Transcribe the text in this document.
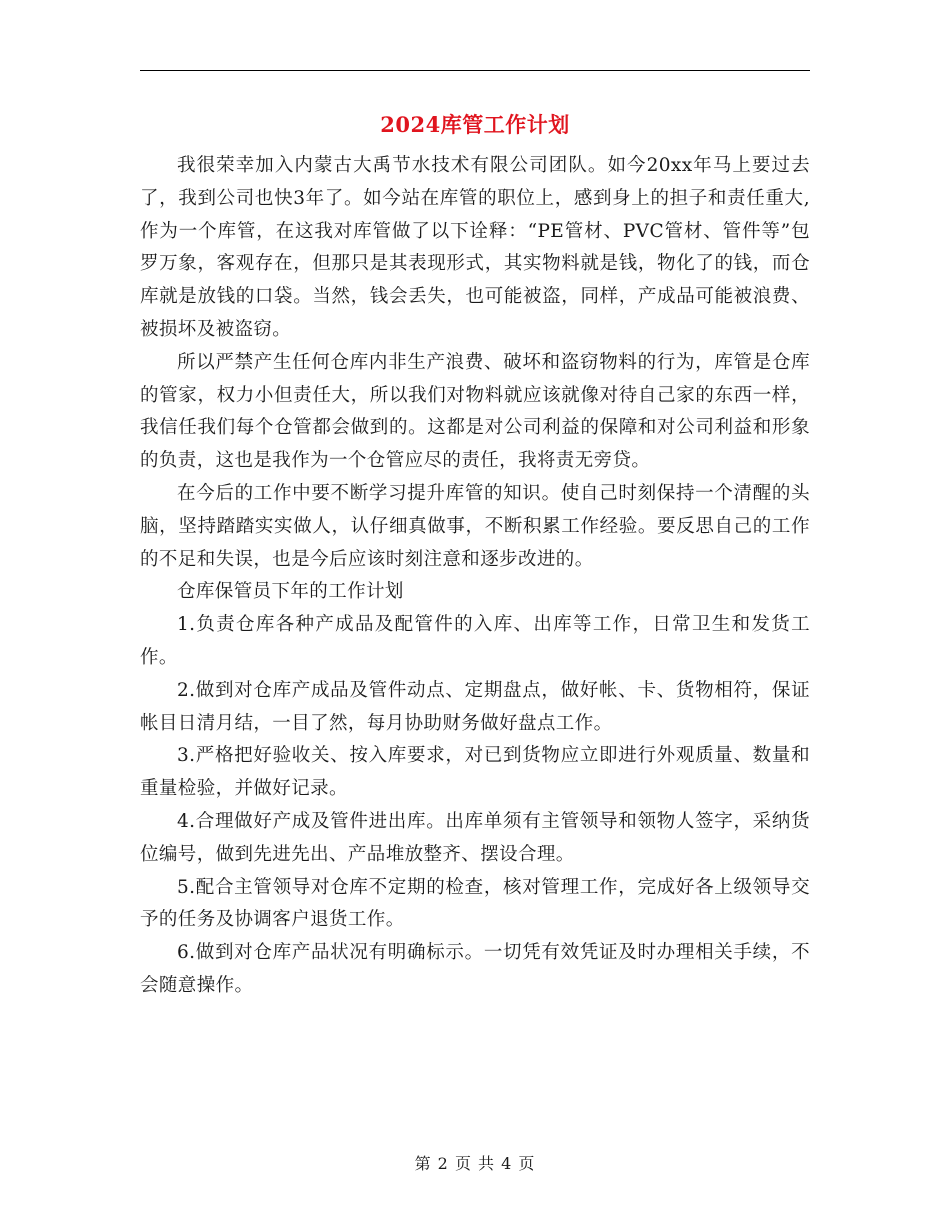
2024库管工作计划

我很荣幸加入内蒙古大禹节水技术有限公司团队。如今20xx年马上要过去了，我到公司也快3年了。如今站在库管的职位上，感到身上的担子和责任重大,作为一个库管，在这我对库管做了以下诠释：“PE管材、PVC管材、管件等”包罗万象，客观存在，但那只是其表现形式，其实物料就是钱，物化了的钱，而仓库就是放钱的口袋。当然，钱会丢失，也可能被盗，同样，产成品可能被浪费、被损坏及被盗窃。

所以严禁产生任何仓库内非生产浪费、破坏和盗窃物料的行为，库管是仓库的管家，权力小但责任大，所以我们对物料就应该就像对待自己家的东西一样，我信任我们每个仓管都会做到的。这都是对公司利益的保障和对公司利益和形象的负责，这也是我作为一个仓管应尽的责任，我将责无旁贷。

在今后的工作中要不断学习提升库管的知识。使自己时刻保持一个清醒的头脑，坚持踏踏实实做人，认仔细真做事，不断积累工作经验。要反思自己的工作的不足和失误，也是今后应该时刻注意和逐步改进的。

仓库保管员下年的工作计划

1.负责仓库各种产成品及配管件的入库、出库等工作，日常卫生和发货工作。

2.做到对仓库产成品及管件动点、定期盘点，做好帐、卡、货物相符，保证帐目日清月结，一目了然，每月协助财务做好盘点工作。

3.严格把好验收关、按入库要求，对已到货物应立即进行外观质量、数量和重量检验，并做好记录。

4.合理做好产成及管件进出库。出库单须有主管领导和领物人签字，采纳货位编号，做到先进先出、产品堆放整齐、摆设合理。

5.配合主管领导对仓库不定期的检查，核对管理工作，完成好各上级领导交予的任务及协调客户退货工作。

6.做到对仓库产品状况有明确标示。一切凭有效凭证及时办理相关手续，不会随意操作。

第 2 页 共 4 页
